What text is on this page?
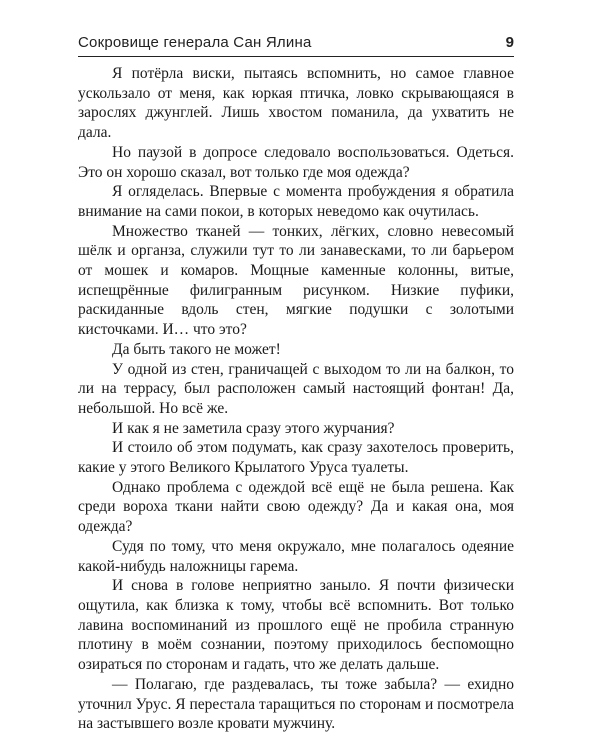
Сокровище генерала Сан Ялина	9

Я потёрла виски, пытаясь вспомнить, но самое главное ускользало от меня, как юркая птичка, ловко скрывающаяся в зарослях джунглей. Лишь хвостом поманила, да ухватить не дала.

Но паузой в допросе следовало воспользоваться. Одеться. Это он хорошо сказал, вот только где моя одежда?

Я огляделась. Впервые с момента пробуждения я обратила внимание на сами покои, в которых неведомо как очутилась.

Множество тканей — тонких, лёгких, словно невесомый шёлк и органза, служили тут то ли занавесками, то ли барьером от мошек и комаров. Мощные каменные колонны, витые, испещрённые филигранным рисунком. Низкие пуфики, раскиданные вдоль стен, мягкие подушки с золотыми кисточками. И… что это?

Да быть такого не может!

У одной из стен, граничащей с выходом то ли на балкон, то ли на террасу, был расположен самый настоящий фонтан! Да, небольшой. Но всё же.

И как я не заметила сразу этого журчания?

И стоило об этом подумать, как сразу захотелось проверить, какие у этого Великого Крылатого Уруса туалеты.

Однако проблема с одеждой всё ещё не была решена. Как среди вороха ткани найти свою одежду? Да и какая она, моя одежда?

Судя по тому, что меня окружало, мне полагалось одеяние какой-нибудь наложницы гарема.

И снова в голове неприятно заныло. Я почти физически ощутила, как близка к тому, чтобы всё вспомнить. Вот только лавина воспоминаний из прошлого ещё не пробила странную плотину в моём сознании, поэтому приходилось беспомощно озираться по сторонам и гадать, что же делать дальше.

— Полагаю, где раздевалась, ты тоже забыла? — ехидно уточнил Урус. Я перестала таращиться по сторонам и посмотрела на застывшего возле кровати мужчину.
